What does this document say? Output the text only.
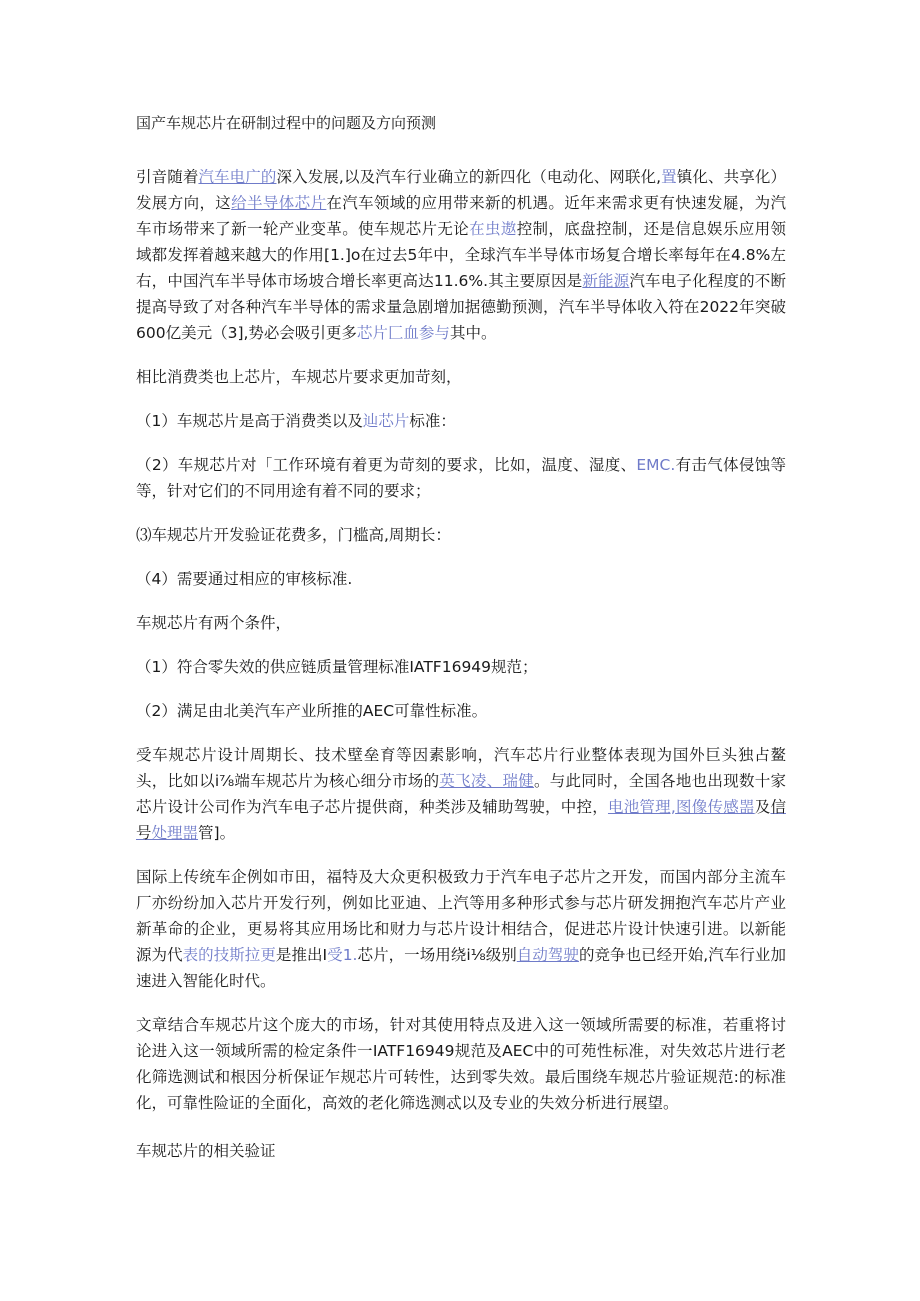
国产车规芯片在研制过程中的问题及方向预测

引音随着汽车电广的深入发展,以及汽车行业确立的新四化（电动化、网联化,置镇化、共享化）发展方向，这给半导体芯片在汽车领域的应用带来新的机遇。近年来需求更有快速发屣，为汽车市场带来了新一轮产业变革。使车规芯片无论在虫遨控制，底盘控制，还是信息娱乐应用领域都发挥着越来越大的作用[1.]o在过去5年中，全球汽车半导体市场复合增长率每年在4.8%左右，中国汽车半导体市场坡合增长率更高达11.6%.其主要原因是新能源汽车电子化程度的不断提高导致了对各种汽车半导体的需求量急剧增加据德勤预测，汽车半导体收入符在2022年突破600亿美元（3],势必会吸引更多芯片匚血参与其中。

相比消费类也上芯片，车规芯片要求更加苛刻，

（1）车规芯片是高于消费类以及辿芯片标准：

（2）车规芯片对「工作环境有着更为苛刻的要求，比如，温度、湿度、EMC.有击气体侵蚀等等，针对它们的不同用途有着不同的要求；

⑶车规芯片开发验证花费多，门槛高,周期长：

（4）需要通过相应的审核标准.

车规芯片有两个条件，

（1）符合零失效的供应链质量管理标准IATF16949规范；

（2）满足由北美汽车产业所推的AEC可靠性标准。

受车规芯片设计周期长、技术壁垒育等因素影响，汽车芯片行业整体表现为国外巨头独占鳌头，比如以i⅞端车规芯片为核心细分市场的英飞凌、瑞健。与此同时，全国各地也出现数十家芯片设计公司作为汽车电子芯片提供商，种类涉及辅助驾驶，中控，电池管理,图像传感噐及信号处理噐管]。

国际上传统车企例如市田，福特及大众更积极致力于汽车电子芯片之开发，而国内部分主流车厂亦纷纷加入芯片开发行列，例如比亚迪、上汽等用多种形式参与芯片研发拥抱汽车芯片产业新革命的企业，更易将其应用场比和财力与芯片设计相结合，促进芯片设计快速引进。以新能源为代表的技斯拉更是推出I受1.芯片，一场用绕i⅛级别自动驾驶的竞争也已经开始,汽车行业加速进入智能化时代。

文章结合车规芯片这个庞大的市场，针对其使用特点及进入这一领域所需要的标准，若重将讨论进入这一领域所需的检定条件一IATF16949规范及AEC中的可苑性标准，对失效芯片进行老化筛选测试和根因分析保证乍规芯片可转性，达到零失效。最后围绕车规芯片验证规范:的标准化，可靠性险证的全面化，高效的老化筛选测忒以及专业的失效分析进行展望。

车规芯片的相关验证
